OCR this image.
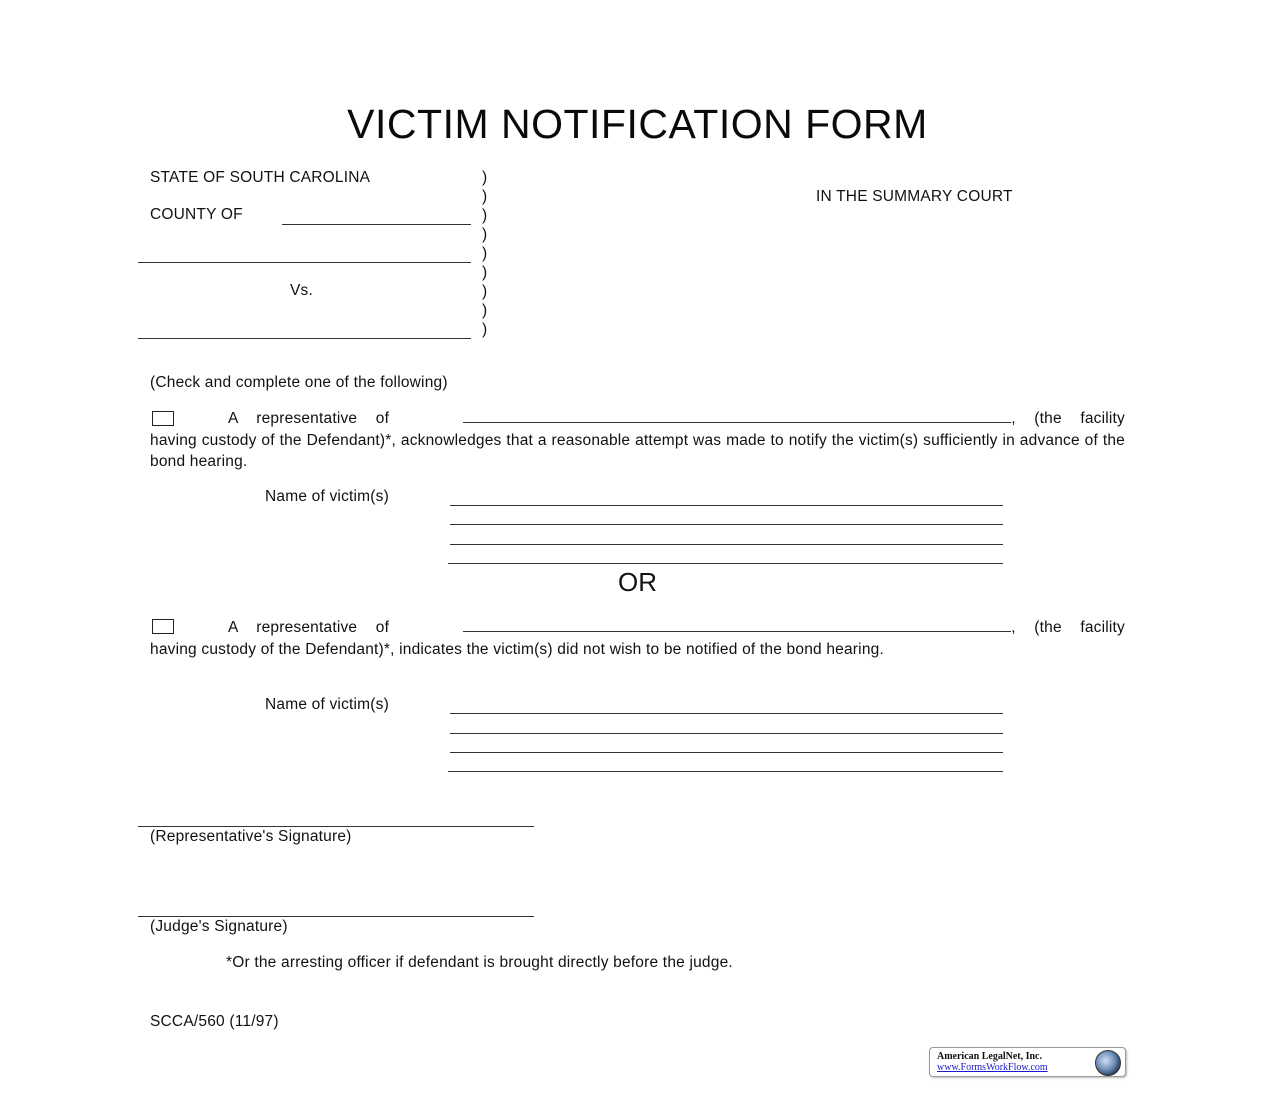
VICTIM NOTIFICATION FORM
STATE OF SOUTH CAROLINA
COUNTY OF
Vs.
)
)
)
)
)
)
)
)
)
IN THE SUMMARY COURT
(Check and complete one of the following)
A representative of	, (the facility
having custody of the Defendant)*, acknowledges that a reasonable attempt was made to notify the victim(s) sufficiently in advance of the bond hearing.
Name of victim(s)
OR
A representative of	, (the facility
having custody of the Defendant)*, indicates the victim(s) did not wish to be notified of the bond hearing.
Name of victim(s)
(Representative's Signature)
(Judge's Signature)
*Or the arresting officer if defendant is brought directly before the judge.
SCCA/560 (11/97)
American LegalNet, Inc.
www.FormsWorkFlow.com
